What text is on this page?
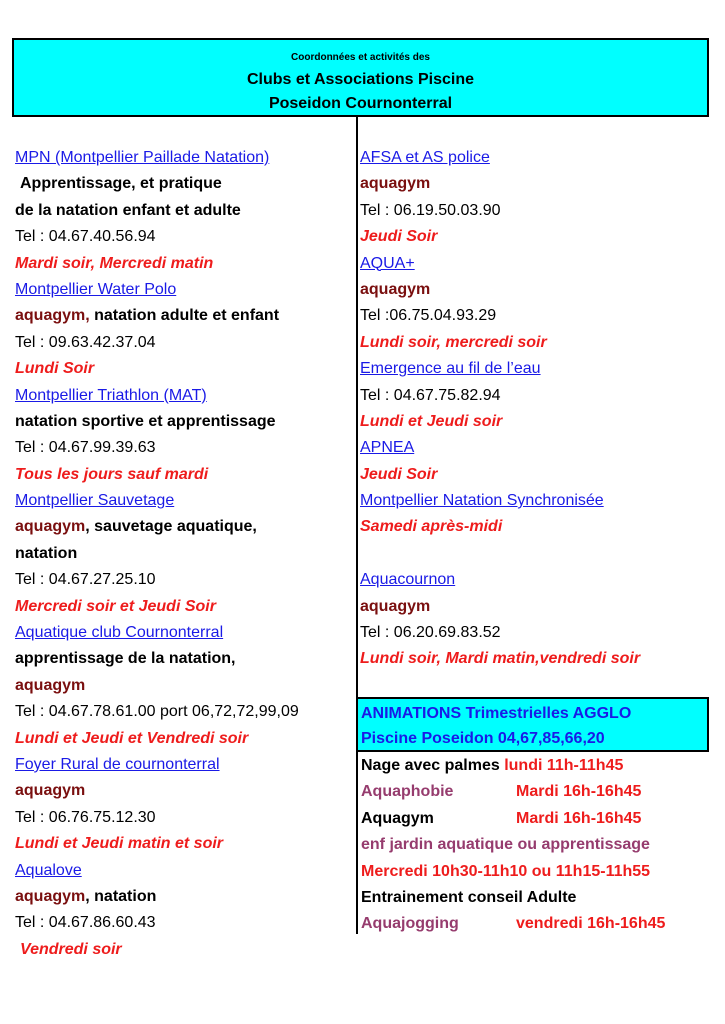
Coordonnées et activités des
Clubs et Associations Piscine
Poseidon Cournonterral
MPN (Montpellier Paillade Natation)
Apprentissage, et pratique
de la natation enfant et adulte
Tel : 04.67.40.56.94
Mardi soir, Mercredi matin
Montpellier Water Polo
aquagym, natation adulte et enfant
Tel : 09.63.42.37.04
Lundi Soir
Montpellier Triathlon (MAT)
natation sportive et apprentissage
Tel : 04.67.99.39.63
Tous les jours sauf mardi
Montpellier Sauvetage
aquagym, sauvetage aquatique,
natation
Tel : 04.67.27.25.10
Mercredi soir et Jeudi Soir
Aquatique club Cournonterral
apprentissage de la natation,
aquagym
Tel : 04.67.78.61.00 port 06,72,72,99,09
Lundi et Jeudi et Vendredi soir
Foyer Rural de cournonterral
aquagym
Tel : 06.76.75.12.30
Lundi et Jeudi matin et soir
Aqualove
aquagym, natation
Tel : 04.67.86.60.43
Vendredi soir
AFSA et AS police
aquagym
Tel : 06.19.50.03.90
Jeudi Soir
AQUA+
aquagym
Tel :06.75.04.93.29
Lundi soir, mercredi soir
Emergence au fil de l’eau
Tel : 04.67.75.82.94
Lundi et Jeudi soir
APNEA
Jeudi Soir
Montpellier Natation Synchronisée
Samedi après-midi
Aquacournon
aquagym
Tel : 06.20.69.83.52
Lundi soir, Mardi matin,vendredi soir
ANIMATIONS Trimestrielles AGGLO
Piscine Poseidon 04,67,85,66,20
Nage avec palmes lundi 11h-11h45
Aquaphobie	Mardi 16h-16h45
Aquagym	Mardi 16h-16h45
enf jardin aquatique ou apprentissage
Mercredi 10h30-11h10 ou 11h15-11h55
Entrainement conseil Adulte
Aquajogging	vendredi 16h-16h45
